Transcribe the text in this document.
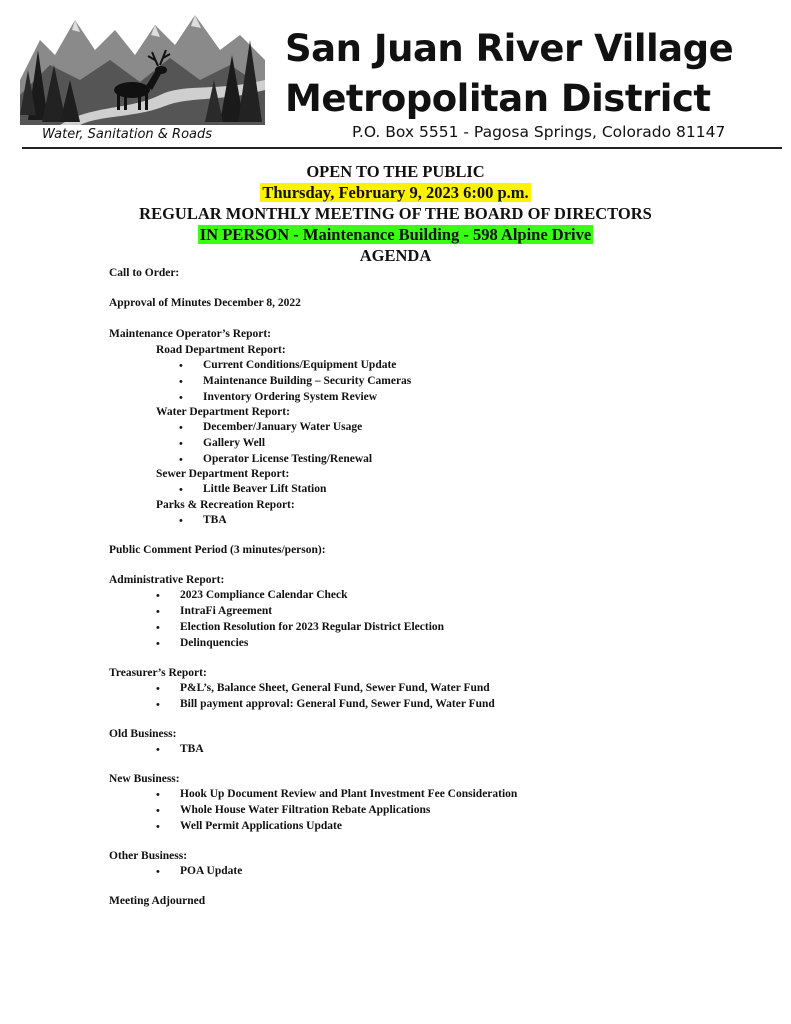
San Juan River Village
Metropolitan District
Water, Sanitation & Roads	P.O. Box 5551 - Pagosa Springs, Colorado 81147
OPEN TO THE PUBLIC
Thursday, February 9, 2023 6:00 p.m.
REGULAR MONTHLY MEETING OF THE BOARD OF DIRECTORS
IN PERSON - Maintenance Building - 598 Alpine Drive
AGENDA
Call to Order:
Approval of Minutes December 8, 2022
Maintenance Operator’s Report:
Road Department Report:
• Current Conditions/Equipment Update
• Maintenance Building – Security Cameras
• Inventory Ordering System Review
Water Department Report:
• December/January Water Usage
• Gallery Well
• Operator License Testing/Renewal
Sewer Department Report:
• Little Beaver Lift Station
Parks & Recreation Report:
• TBA
Public Comment Period (3 minutes/person):
Administrative Report:
• 2023 Compliance Calendar Check
• IntraFi Agreement
• Election Resolution for 2023 Regular District Election
• Delinquencies
Treasurer’s Report:
• P&L’s, Balance Sheet, General Fund, Sewer Fund, Water Fund
• Bill payment approval: General Fund, Sewer Fund, Water Fund
Old Business:
• TBA
New Business:
• Hook Up Document Review and Plant Investment Fee Consideration
• Whole House Water Filtration Rebate Applications
• Well Permit Applications Update
Other Business:
• POA Update
Meeting Adjourned
